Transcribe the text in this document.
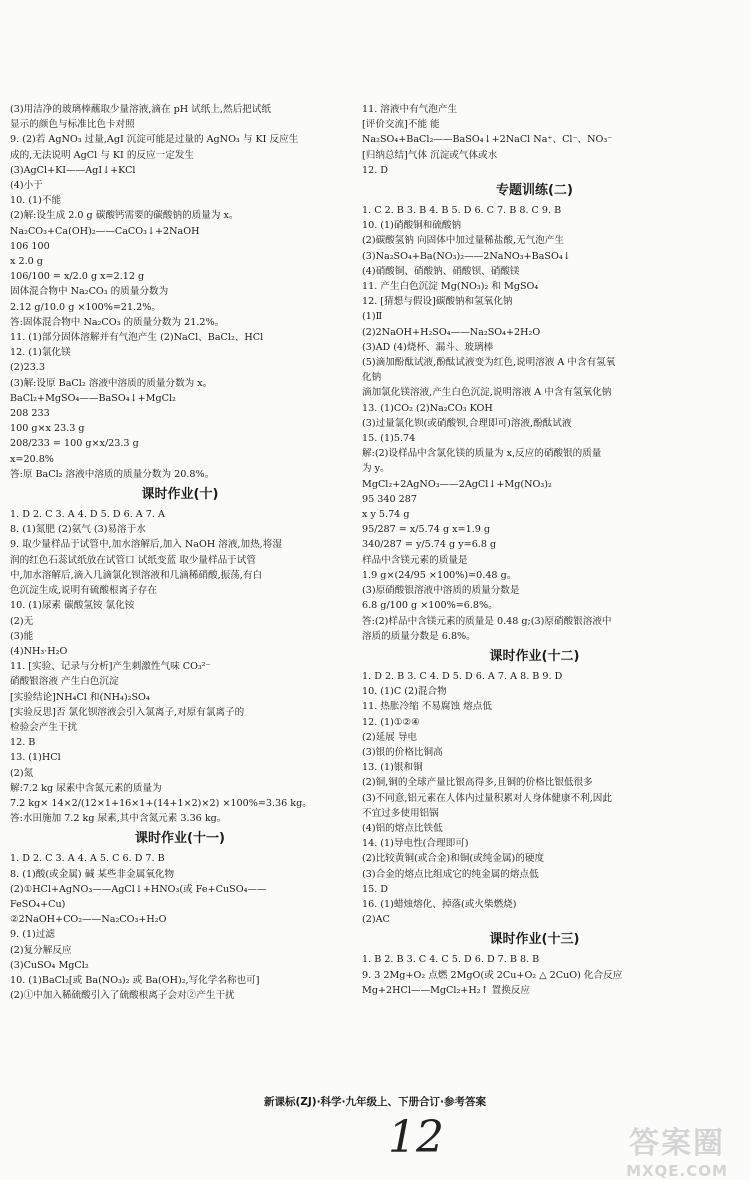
(3)用洁净的玻璃棒蘸取少量溶液,滴在 pH 试纸上,然后把试纸
显示的颜色与标准比色卡对照
9. (2)若 AgNO₃ 过量,AgI 沉淀可能是过量的 AgNO₃ 与 KI 反应生
成的,无法说明 AgCl 与 KI 的反应一定发生
(3)AgCl+KI——AgI↓+KCl
(4)小于
10. (1)不能
(2)解:设生成 2.0 g 碳酸钙需要的碳酸钠的质量为 x。
Na₂CO₃+Ca(OH)₂——CaCO₃↓+2NaOH
106 100
x 2.0 g
106/100 = x/2.0 g x=2.12 g
固体混合物中 Na₂CO₃ 的质量分数为
2.12 g/10.0 g ×100%=21.2%。
答:固体混合物中 Na₂CO₃ 的质量分数为 21.2%。
11. (1)部分固体溶解并有气泡产生 (2)NaCl、BaCl₂、HCl
12. (1)氯化镁
(2)23.3
(3)解:设原 BaCl₂ 溶液中溶质的质量分数为 x。
BaCl₂+MgSO₄——BaSO₄↓+MgCl₂
208 233
100 g×x 23.3 g
208/233 = 100 g×x/23.3 g
x=20.8%
答:原 BaCl₂ 溶液中溶质的质量分数为 20.8%。
课时作业(十)
1. D 2. C 3. A 4. D 5. D 6. A 7. A
8. (1)氮肥 (2)氨气 (3)易溶于水
9. 取少量样品于试管中,加水溶解后,加入 NaOH 溶液,加热,将湿
润的红色石蕊试纸放在试管口 试纸变蓝 取少量样品于试管
中,加水溶解后,滴入几滴氯化钡溶液和几滴稀硝酸,振荡,有白
色沉淀生成,说明有硫酸根离子存在
10. (1)尿素 碳酸氢铵 氯化铵
(2)无
(3)能
(4)NH₃·H₂O
11. [实验、记录与分析]产生刺激性气味 CO₃²⁻
硝酸银溶液 产生白色沉淀
[实验结论]NH₄Cl 和(NH₄)₂SO₄
[实验反思]否 氯化钡溶液会引入氯离子,对原有氯离子的
检验会产生干扰
12. B
13. (1)HCl
(2)氮
解:7.2 kg 尿素中含氮元素的质量为
7.2 kg× 14×2/(12×1+16×1+(14+1×2)×2) ×100%=3.36 kg。
答:水田施加 7.2 kg 尿素,其中含氮元素 3.36 kg。
课时作业(十一)
1. D 2. C 3. A 4. A 5. C 6. D 7. B
8. (1)酸(或金属) 碱 某些非金属氧化物
(2)①HCl+AgNO₃——AgCl↓+HNO₃(或 Fe+CuSO₄——
FeSO₄+Cu)
②2NaOH+CO₂——Na₂CO₃+H₂O
9. (1)过滤
(2)复分解反应
(3)CuSO₄ MgCl₂
10. (1)BaCl₂[或 Ba(NO₃)₂ 或 Ba(OH)₂,写化学名称也可]
(2)①中加入稀硫酸引入了硫酸根离子会对②产生干扰
11. 溶液中有气泡产生
[评价交流]不能 能
Na₂SO₄+BaCl₂——BaSO₄↓+2NaCl Na⁺、Cl⁻、NO₃⁻
[归纳总结]气体 沉淀或气体或水
12. D
专题训练(二)
1. C 2. B 3. B 4. B 5. D 6. C 7. B 8. C 9. B
10. (1)硝酸铜和硫酸钠
(2)碳酸氢钠 向固体中加过量稀盐酸,无气泡产生
(3)Na₂SO₄+Ba(NO₃)₂——2NaNO₃+BaSO₄↓
(4)硝酸铜、硝酸钠、硝酸钡、硝酸镁
11. 产生白色沉淀 Mg(NO₃)₂ 和 MgSO₄
12. [猜想与假设]碳酸钠和氢氧化钠
(1)Ⅱ
(2)2NaOH+H₂SO₄——Na₂SO₄+2H₂O
(3)AD (4)烧杯、漏斗、玻璃棒
(5)滴加酚酞试液,酚酞试液变为红色,说明溶液 A 中含有氢氧
化钠
滴加氯化镁溶液,产生白色沉淀,说明溶液 A 中含有氢氧化钠
13. (1)CO₂ (2)Na₂CO₃ KOH
(3)过量氯化钡(或硝酸钡,合理即可)溶液,酚酞试液
15. (1)5.74
解:(2)设样品中含氯化镁的质量为 x,反应的硝酸银的质量
为 y。
MgCl₂+2AgNO₃——2AgCl↓+Mg(NO₃)₂
95 340 287
x y 5.74 g
95/287 = x/5.74 g x=1.9 g
340/287 = y/5.74 g y=6.8 g
样品中含镁元素的质量是
1.9 g×(24/95 ×100%)=0.48 g。
(3)原硝酸银溶液中溶质的质量分数是
6.8 g/100 g ×100%=6.8%。
答:(2)样品中含镁元素的质量是 0.48 g;(3)原硝酸银溶液中
溶质的质量分数是 6.8%。
课时作业(十二)
1. D 2. B 3. C 4. D 5. D 6. A 7. A 8. B 9. D
10. (1)C (2)混合物
11. 热胀冷缩 不易腐蚀 熔点低
12. (1)①②④
(2)延展 导电
(3)银的价格比铜高
13. (1)银和铜
(2)铜,铜的全球产量比银高得多,且铜的价格比银低很多
(3)不同意,铝元素在人体内过量积累对人身体健康不利,因此
不宜过多使用铝锅
(4)铝的熔点比铁低
14. (1)导电性(合理即可)
(2)比较黄铜(或合金)和铜(或纯金属)的硬度
(3)合金的熔点比组成它的纯金属的熔点低
15. D
16. (1)蜡烛熔化、掉落(或火柴燃烧)
(2)AC
课时作业(十三)
1. B 2. B 3. C 4. C 5. D 6. D 7. B 8. B
9. 3 2Mg+O₂ 点燃 2MgO(或 2Cu+O₂ △ 2CuO) 化合反应
Mg+2HCl——MgCl₂+H₂↑ 置换反应
新课标(ZJ)·科学·九年级上、下册合订·参考答案
12	答案圈
MXQE.COM
